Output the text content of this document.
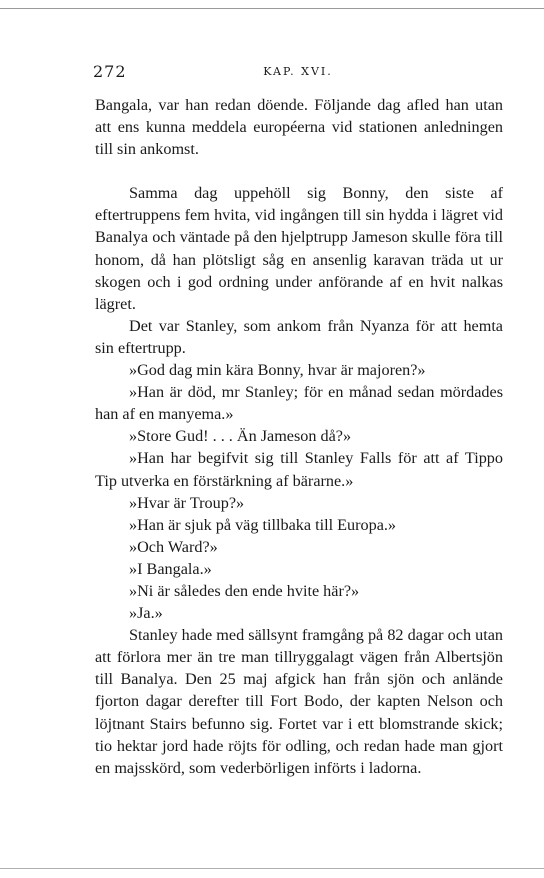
272	KAP. XVI.

Bangala, var han redan döende. Följande dag afled han utan att ens kunna meddela européerna vid stationen anledningen till sin ankomst.

Samma dag uppehöll sig Bonny, den siste af eftertruppens fem hvita, vid ingången till sin hydda i lägret vid Banalya och väntade på den hjelptrupp Jameson skulle föra till honom, då han plötsligt såg en ansenlig karavan träda ut ur skogen och i god ordning under anförande af en hvit nalkas lägret.

Det var Stanley, som ankom från Nyanza för att hemta sin eftertrupp.

»God dag min kära Bonny, hvar är majoren?»

»Han är död, mr Stanley; för en månad sedan mördades han af en manyema.»

»Store Gud! . . . Än Jameson då?»

»Han har begifvit sig till Stanley Falls för att af Tippo Tip utverka en förstärkning af bärarne.»

»Hvar är Troup?»

»Han är sjuk på väg tillbaka till Europa.»

»Och Ward?»

»I Bangala.»

»Ni är således den ende hvite här?»

»Ja.»

Stanley hade med sällsynt framgång på 82 dagar och utan att förlora mer än tre man tillryggalagt vägen från Albertsjön till Banalya. Den 25 maj afgick han från sjön och anlände fjorton dagar derefter till Fort Bodo, der kapten Nelson och löjtnant Stairs befunno sig. Fortet var i ett blomstrande skick; tio hektar jord hade röjts för odling, och redan hade man gjort en majsskörd, som vederbörligen införts i ladorna.
